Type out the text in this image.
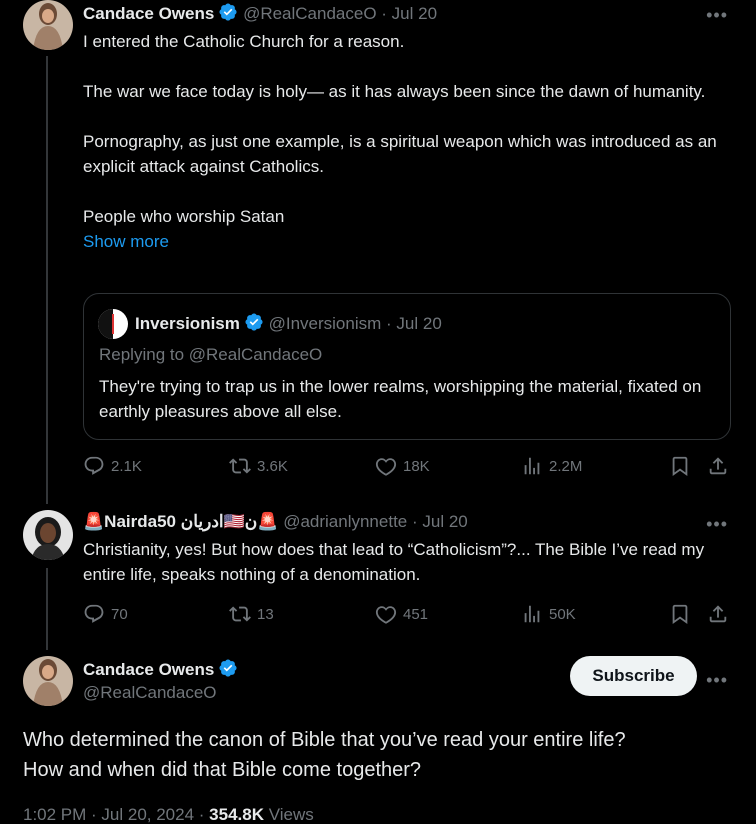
Candace Owens @RealCandaceO · Jul 20	•••

I entered the Catholic Church for a reason.

The war we face today is holy— as it has always been since the dawn of humanity.

Pornography, as just one example, is a spiritual weapon which was introduced as an explicit attack against Catholics.

People who worship Satan

Show more

Inversionism @Inversionism · Jul 20
Replying to @RealCandaceO
They're trying to trap us in the lower realms, worshipping the material, fixated on earthly pleasures above all else.
2.1K	3.6K	18K	2.2M
🚨Nairda50 ادريان🇺🇸ن🚨 @adrianlynnette · Jul 20	•••
Christianity, yes! But how does that lead to “Catholicism”?... The Bible I’ve read my entire life, speaks nothing of a denomination.
70	13	451	50K
Candace Owens
@RealCandaceO
Subscribe	•••

Who determined the canon of Bible that you’ve read your entire life?

How and when did that Bible come together?

1:02 PM · Jul 20, 2024 · 354.8K Views
